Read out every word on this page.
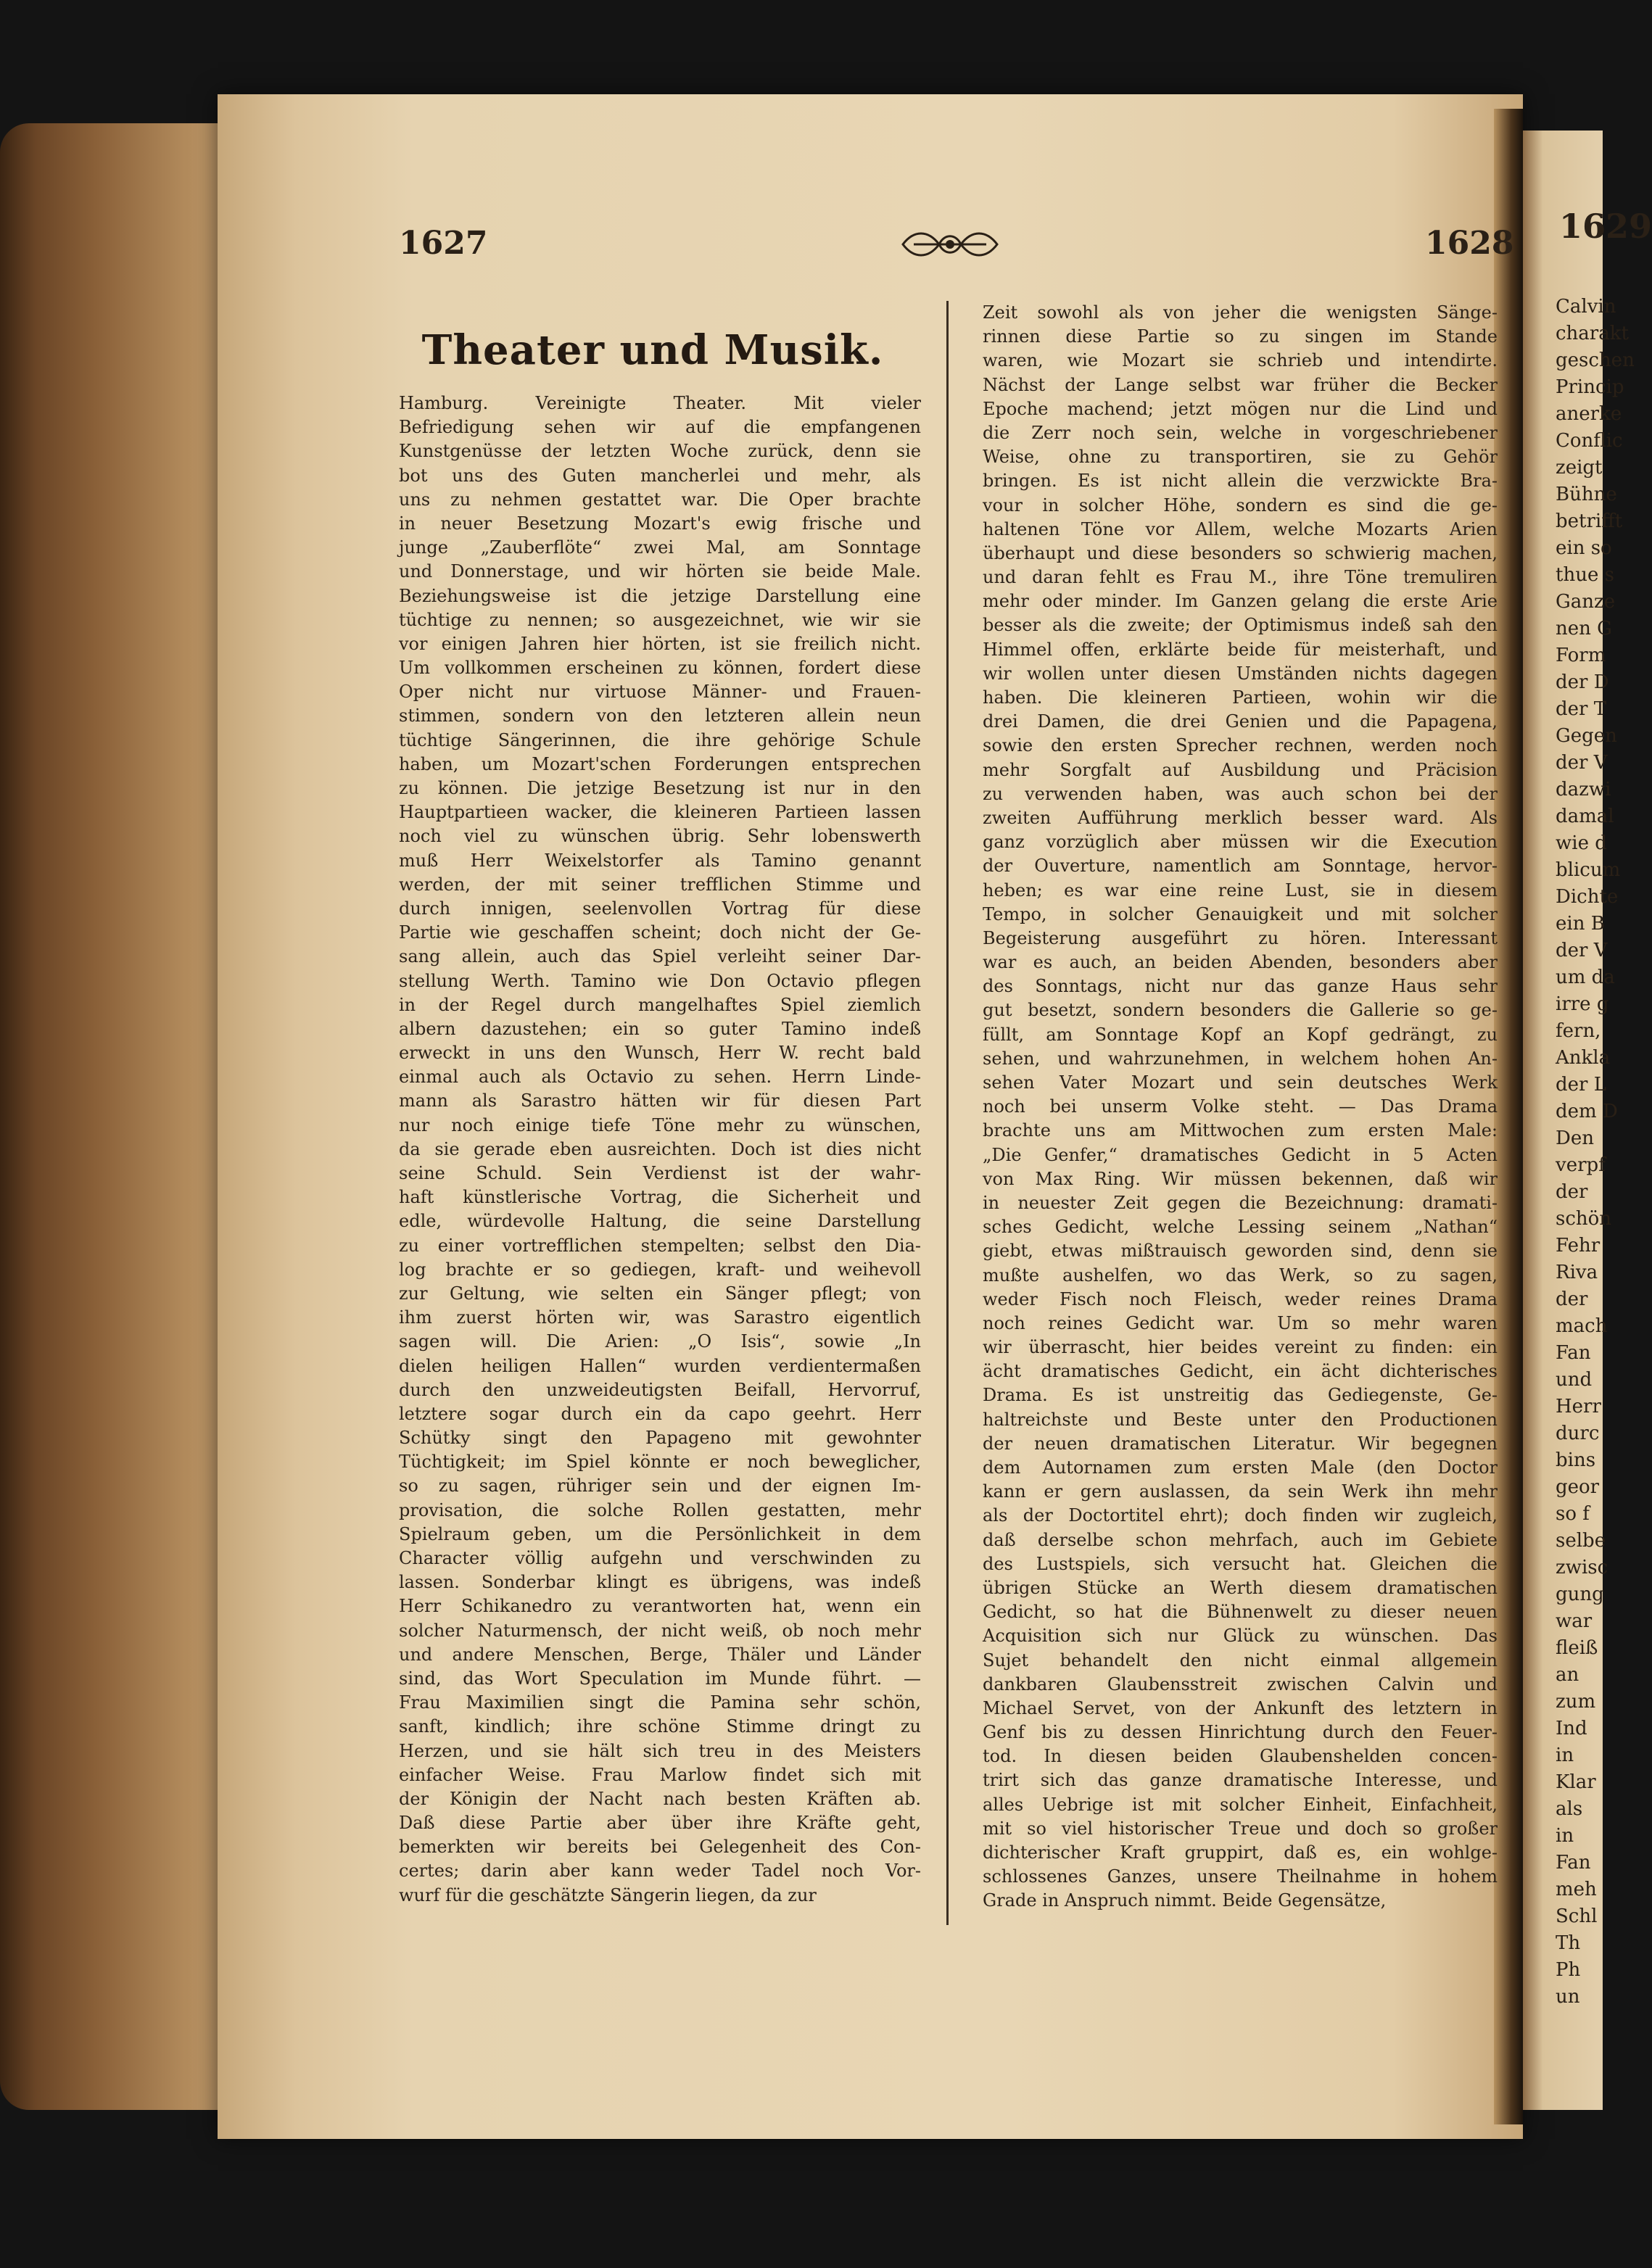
1629
Calvin
charakt
geschen
Princip
anerke
Conflic
zeigt
Bühne
betrifft
ein so
thue s
Ganze
nen G
Form
der D
der T
Gegen
der V
dazwi
damal
wie d
blicum
Dichte
ein B
der V
um da
irre g
fern,
Ankla
der L
dem D
Den
verpf
der
schön
Fehr
Riva
der
mach
Fan
und
Herr
durc
bins
geor
so f
selbe
zwisc
gung
war
fleiß
an
zum
Ind
in
Klar
als
in
Fan
meh
Schl
Th
Ph
un
1627	1628
Theater und Musik.
Hamburg. Vereinigte Theater. Mit vieler
Befriedigung sehen wir auf die empfangenen
Kunstgenüsse der letzten Woche zurück, denn sie
bot uns des Guten mancherlei und mehr, als
uns zu nehmen gestattet war. Die Oper brachte
in neuer Besetzung Mozart's ewig frische und
junge „Zauberflöte“ zwei Mal, am Sonntage
und Donnerstage, und wir hörten sie beide Male.
Beziehungsweise ist die jetzige Darstellung eine
tüchtige zu nennen; so ausgezeichnet, wie wir sie
vor einigen Jahren hier hörten, ist sie freilich nicht.
Um vollkommen erscheinen zu können, fordert diese
Oper nicht nur virtuose Männer- und Frauen-
stimmen, sondern von den letzteren allein neun
tüchtige Sängerinnen, die ihre gehörige Schule
haben, um Mozart'schen Forderungen entsprechen
zu können. Die jetzige Besetzung ist nur in den
Hauptpartieen wacker, die kleineren Partieen lassen
noch viel zu wünschen übrig. Sehr lobenswerth
muß Herr Weixelstorfer als Tamino genannt
werden, der mit seiner trefflichen Stimme und
durch innigen, seelenvollen Vortrag für diese
Partie wie geschaffen scheint; doch nicht der Ge-
sang allein, auch das Spiel verleiht seiner Dar-
stellung Werth. Tamino wie Don Octavio pflegen
in der Regel durch mangelhaftes Spiel ziemlich
albern dazustehen; ein so guter Tamino indeß
erweckt in uns den Wunsch, Herr W. recht bald
einmal auch als Octavio zu sehen. Herrn Linde-
mann als Sarastro hätten wir für diesen Part
nur noch einige tiefe Töne mehr zu wünschen,
da sie gerade eben ausreichten. Doch ist dies nicht
seine Schuld. Sein Verdienst ist der wahr-
haft künstlerische Vortrag, die Sicherheit und
edle, würdevolle Haltung, die seine Darstellung
zu einer vortrefflichen stempelten; selbst den Dia-
log brachte er so gediegen, kraft- und weihevoll
zur Geltung, wie selten ein Sänger pflegt; von
ihm zuerst hörten wir, was Sarastro eigentlich
sagen will. Die Arien: „O Isis“, sowie „In
dielen heiligen Hallen“ wurden verdientermaßen
durch den unzweideutigsten Beifall, Hervorruf,
letztere sogar durch ein da capo geehrt. Herr
Schütky singt den Papageno mit gewohnter
Tüchtigkeit; im Spiel könnte er noch beweglicher,
so zu sagen, rühriger sein und der eignen Im-
provisation, die solche Rollen gestatten, mehr
Spielraum geben, um die Persönlichkeit in dem
Character völlig aufgehn und verschwinden zu
lassen. Sonderbar klingt es übrigens, was indeß
Herr Schikanedro zu verantworten hat, wenn ein
solcher Naturmensch, der nicht weiß, ob noch mehr
und andere Menschen, Berge, Thäler und Länder
sind, das Wort Speculation im Munde führt. —
Frau Maximilien singt die Pamina sehr schön,
sanft, kindlich; ihre schöne Stimme dringt zu
Herzen, und sie hält sich treu in des Meisters
einfacher Weise. Frau Marlow findet sich mit
der Königin der Nacht nach besten Kräften ab.
Daß diese Partie aber über ihre Kräfte geht,
bemerkten wir bereits bei Gelegenheit des Con-
certes; darin aber kann weder Tadel noch Vor-
wurf für die geschätzte Sängerin liegen, da zur
Zeit sowohl als von jeher die wenigsten Sänge-
rinnen diese Partie so zu singen im Stande
waren, wie Mozart sie schrieb und intendirte.
Nächst der Lange selbst war früher die Becker
Epoche machend; jetzt mögen nur die Lind und
die Zerr noch sein, welche in vorgeschriebener
Weise, ohne zu transportiren, sie zu Gehör
bringen. Es ist nicht allein die verzwickte Bra-
vour in solcher Höhe, sondern es sind die ge-
haltenen Töne vor Allem, welche Mozarts Arien
überhaupt und diese besonders so schwierig machen,
und daran fehlt es Frau M., ihre Töne tremuliren
mehr oder minder. Im Ganzen gelang die erste Arie
besser als die zweite; der Optimismus indeß sah den
Himmel offen, erklärte beide für meisterhaft, und
wir wollen unter diesen Umständen nichts dagegen
haben. Die kleineren Partieen, wohin wir die
drei Damen, die drei Genien und die Papagena,
sowie den ersten Sprecher rechnen, werden noch
mehr Sorgfalt auf Ausbildung und Präcision
zu verwenden haben, was auch schon bei der
zweiten Aufführung merklich besser ward. Als
ganz vorzüglich aber müssen wir die Execution
der Ouverture, namentlich am Sonntage, hervor-
heben; es war eine reine Lust, sie in diesem
Tempo, in solcher Genauigkeit und mit solcher
Begeisterung ausgeführt zu hören. Interessant
war es auch, an beiden Abenden, besonders aber
des Sonntags, nicht nur das ganze Haus sehr
gut besetzt, sondern besonders die Gallerie so ge-
füllt, am Sonntage Kopf an Kopf gedrängt, zu
sehen, und wahrzunehmen, in welchem hohen An-
sehen Vater Mozart und sein deutsches Werk
noch bei unserm Volke steht. — Das Drama
brachte uns am Mittwochen zum ersten Male:
„Die Genfer,“ dramatisches Gedicht in 5 Acten
von Max Ring. Wir müssen bekennen, daß wir
in neuester Zeit gegen die Bezeichnung: dramati-
sches Gedicht, welche Lessing seinem „Nathan“
giebt, etwas mißtrauisch geworden sind, denn sie
mußte aushelfen, wo das Werk, so zu sagen,
weder Fisch noch Fleisch, weder reines Drama
noch reines Gedicht war. Um so mehr waren
wir überrascht, hier beides vereint zu finden: ein
ächt dramatisches Gedicht, ein ächt dichterisches
Drama. Es ist unstreitig das Gediegenste, Ge-
haltreichste und Beste unter den Productionen
der neuen dramatischen Literatur. Wir begegnen
dem Autornamen zum ersten Male (den Doctor
kann er gern auslassen, da sein Werk ihn mehr
als der Doctortitel ehrt); doch finden wir zugleich,
daß derselbe schon mehrfach, auch im Gebiete
des Lustspiels, sich versucht hat. Gleichen die
übrigen Stücke an Werth diesem dramatischen
Gedicht, so hat die Bühnenwelt zu dieser neuen
Acquisition sich nur Glück zu wünschen. Das
Sujet behandelt den nicht einmal allgemein
dankbaren Glaubensstreit zwischen Calvin und
Michael Servet, von der Ankunft des letztern in
Genf bis zu dessen Hinrichtung durch den Feuer-
tod. In diesen beiden Glaubenshelden concen-
trirt sich das ganze dramatische Interesse, und
alles Uebrige ist mit solcher Einheit, Einfachheit,
mit so viel historischer Treue und doch so großer
dichterischer Kraft gruppirt, daß es, ein wohlge-
schlossenes Ganzes, unsere Theilnahme in hohem
Grade in Anspruch nimmt. Beide Gegensätze,
